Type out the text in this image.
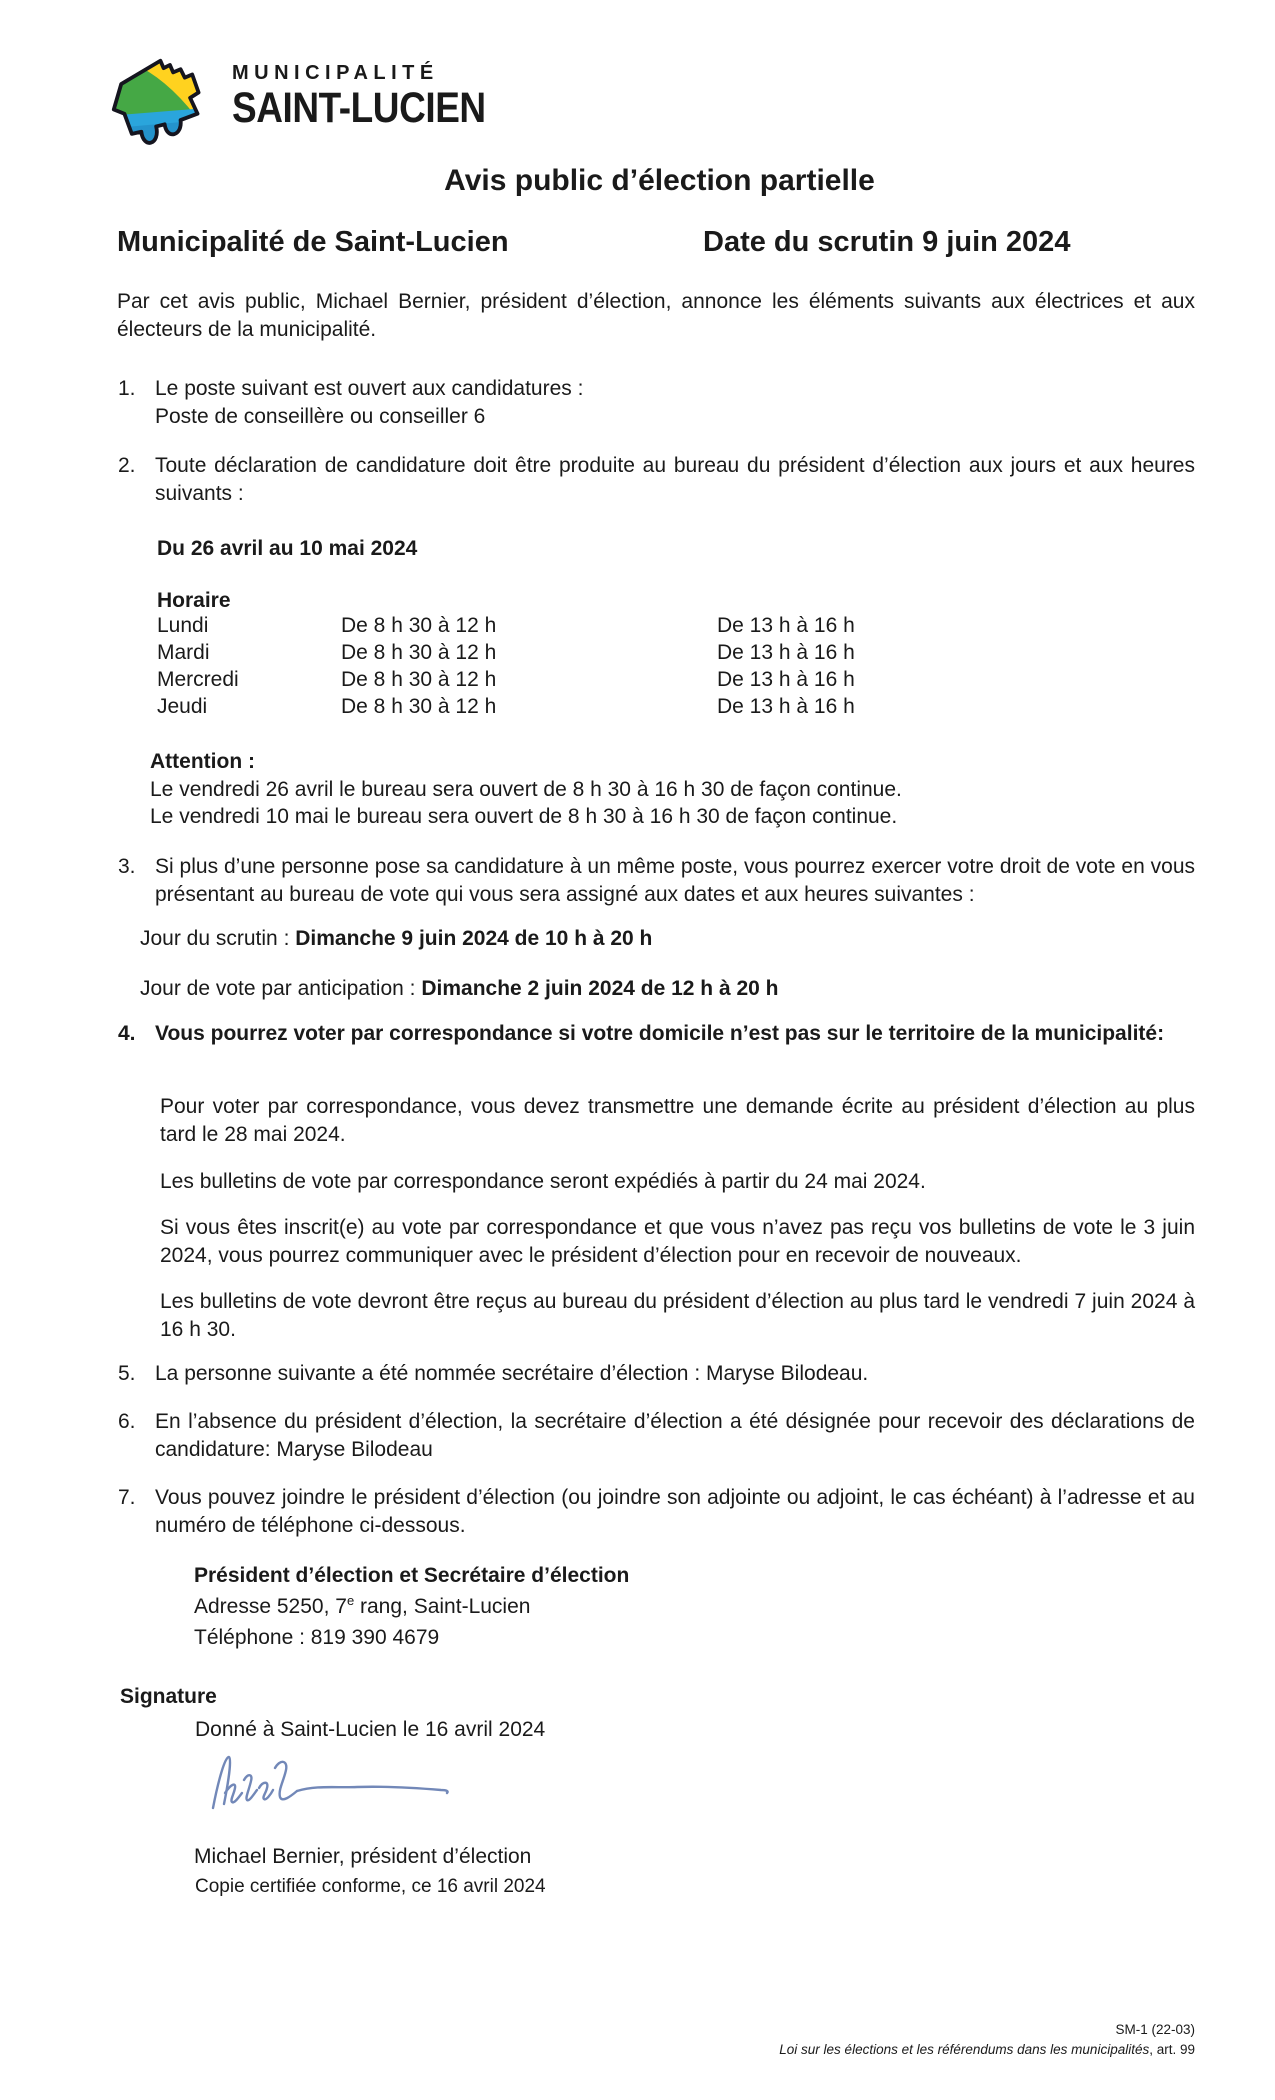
MUNICIPALITÉ
SAINT-LUCIEN
Avis public d’élection partielle
Municipalité de Saint-Lucien	Date du scrutin 9 juin 2024
Par cet avis public, Michael Bernier, président d’élection, annonce les éléments suivants aux électrices et aux électeurs de la municipalité.
1. Le poste suivant est ouvert aux candidatures :
Poste de conseillère ou conseiller 6
2. Toute déclaration de candidature doit être produite au bureau du président d’élection aux jours et aux heures suivants :
Du 26 avril au 10 mai 2024
Horaire
Lundi	De 8 h 30 à 12 h	De 13 h à 16 h
Mardi	De 8 h 30 à 12 h	De 13 h à 16 h
Mercredi	De 8 h 30 à 12 h	De 13 h à 16 h
Jeudi	De 8 h 30 à 12 h	De 13 h à 16 h
Attention :
Le vendredi 26 avril le bureau sera ouvert de 8 h 30 à 16 h 30 de façon continue.
Le vendredi 10 mai le bureau sera ouvert de 8 h 30 à 16 h 30 de façon continue.
3. Si plus d’une personne pose sa candidature à un même poste, vous pourrez exercer votre droit de vote en vous présentant au bureau de vote qui vous sera assigné aux dates et aux heures suivantes :
Jour du scrutin : Dimanche 9 juin 2024 de 10 h à 20 h
Jour de vote par anticipation : Dimanche 2 juin 2024 de 12 h à 20 h
4. Vous pourrez voter par correspondance si votre domicile n’est pas sur le territoire de la municipalité:
Pour voter par correspondance, vous devez transmettre une demande écrite au président d’élection au plus tard le 28 mai 2024.
Les bulletins de vote par correspondance seront expédiés à partir du 24 mai 2024.
Si vous êtes inscrit(e) au vote par correspondance et que vous n’avez pas reçu vos bulletins de vote le 3 juin 2024, vous pourrez communiquer avec le président d’élection pour en recevoir de nouveaux.
Les bulletins de vote devront être reçus au bureau du président d’élection au plus tard le vendredi 7 juin 2024 à 16 h 30.
5. La personne suivante a été nommée secrétaire d’élection : Maryse Bilodeau.
6. En l’absence du président d’élection, la secrétaire d’élection a été désignée pour recevoir des déclarations de candidature: Maryse Bilodeau
7. Vous pouvez joindre le président d’élection (ou joindre son adjointe ou adjoint, le cas échéant) à l’adresse et au numéro de téléphone ci-dessous.
Président d’élection et Secrétaire d’élection
Adresse 5250, 7e rang, Saint-Lucien
Téléphone : 819 390 4679
Signature
Donné à Saint-Lucien le 16 avril 2024
Michael Bernier, président d’élection
Copie certifiée conforme, ce 16 avril 2024
SM-1 (22-03)
Loi sur les élections et les référendums dans les municipalités, art. 99
